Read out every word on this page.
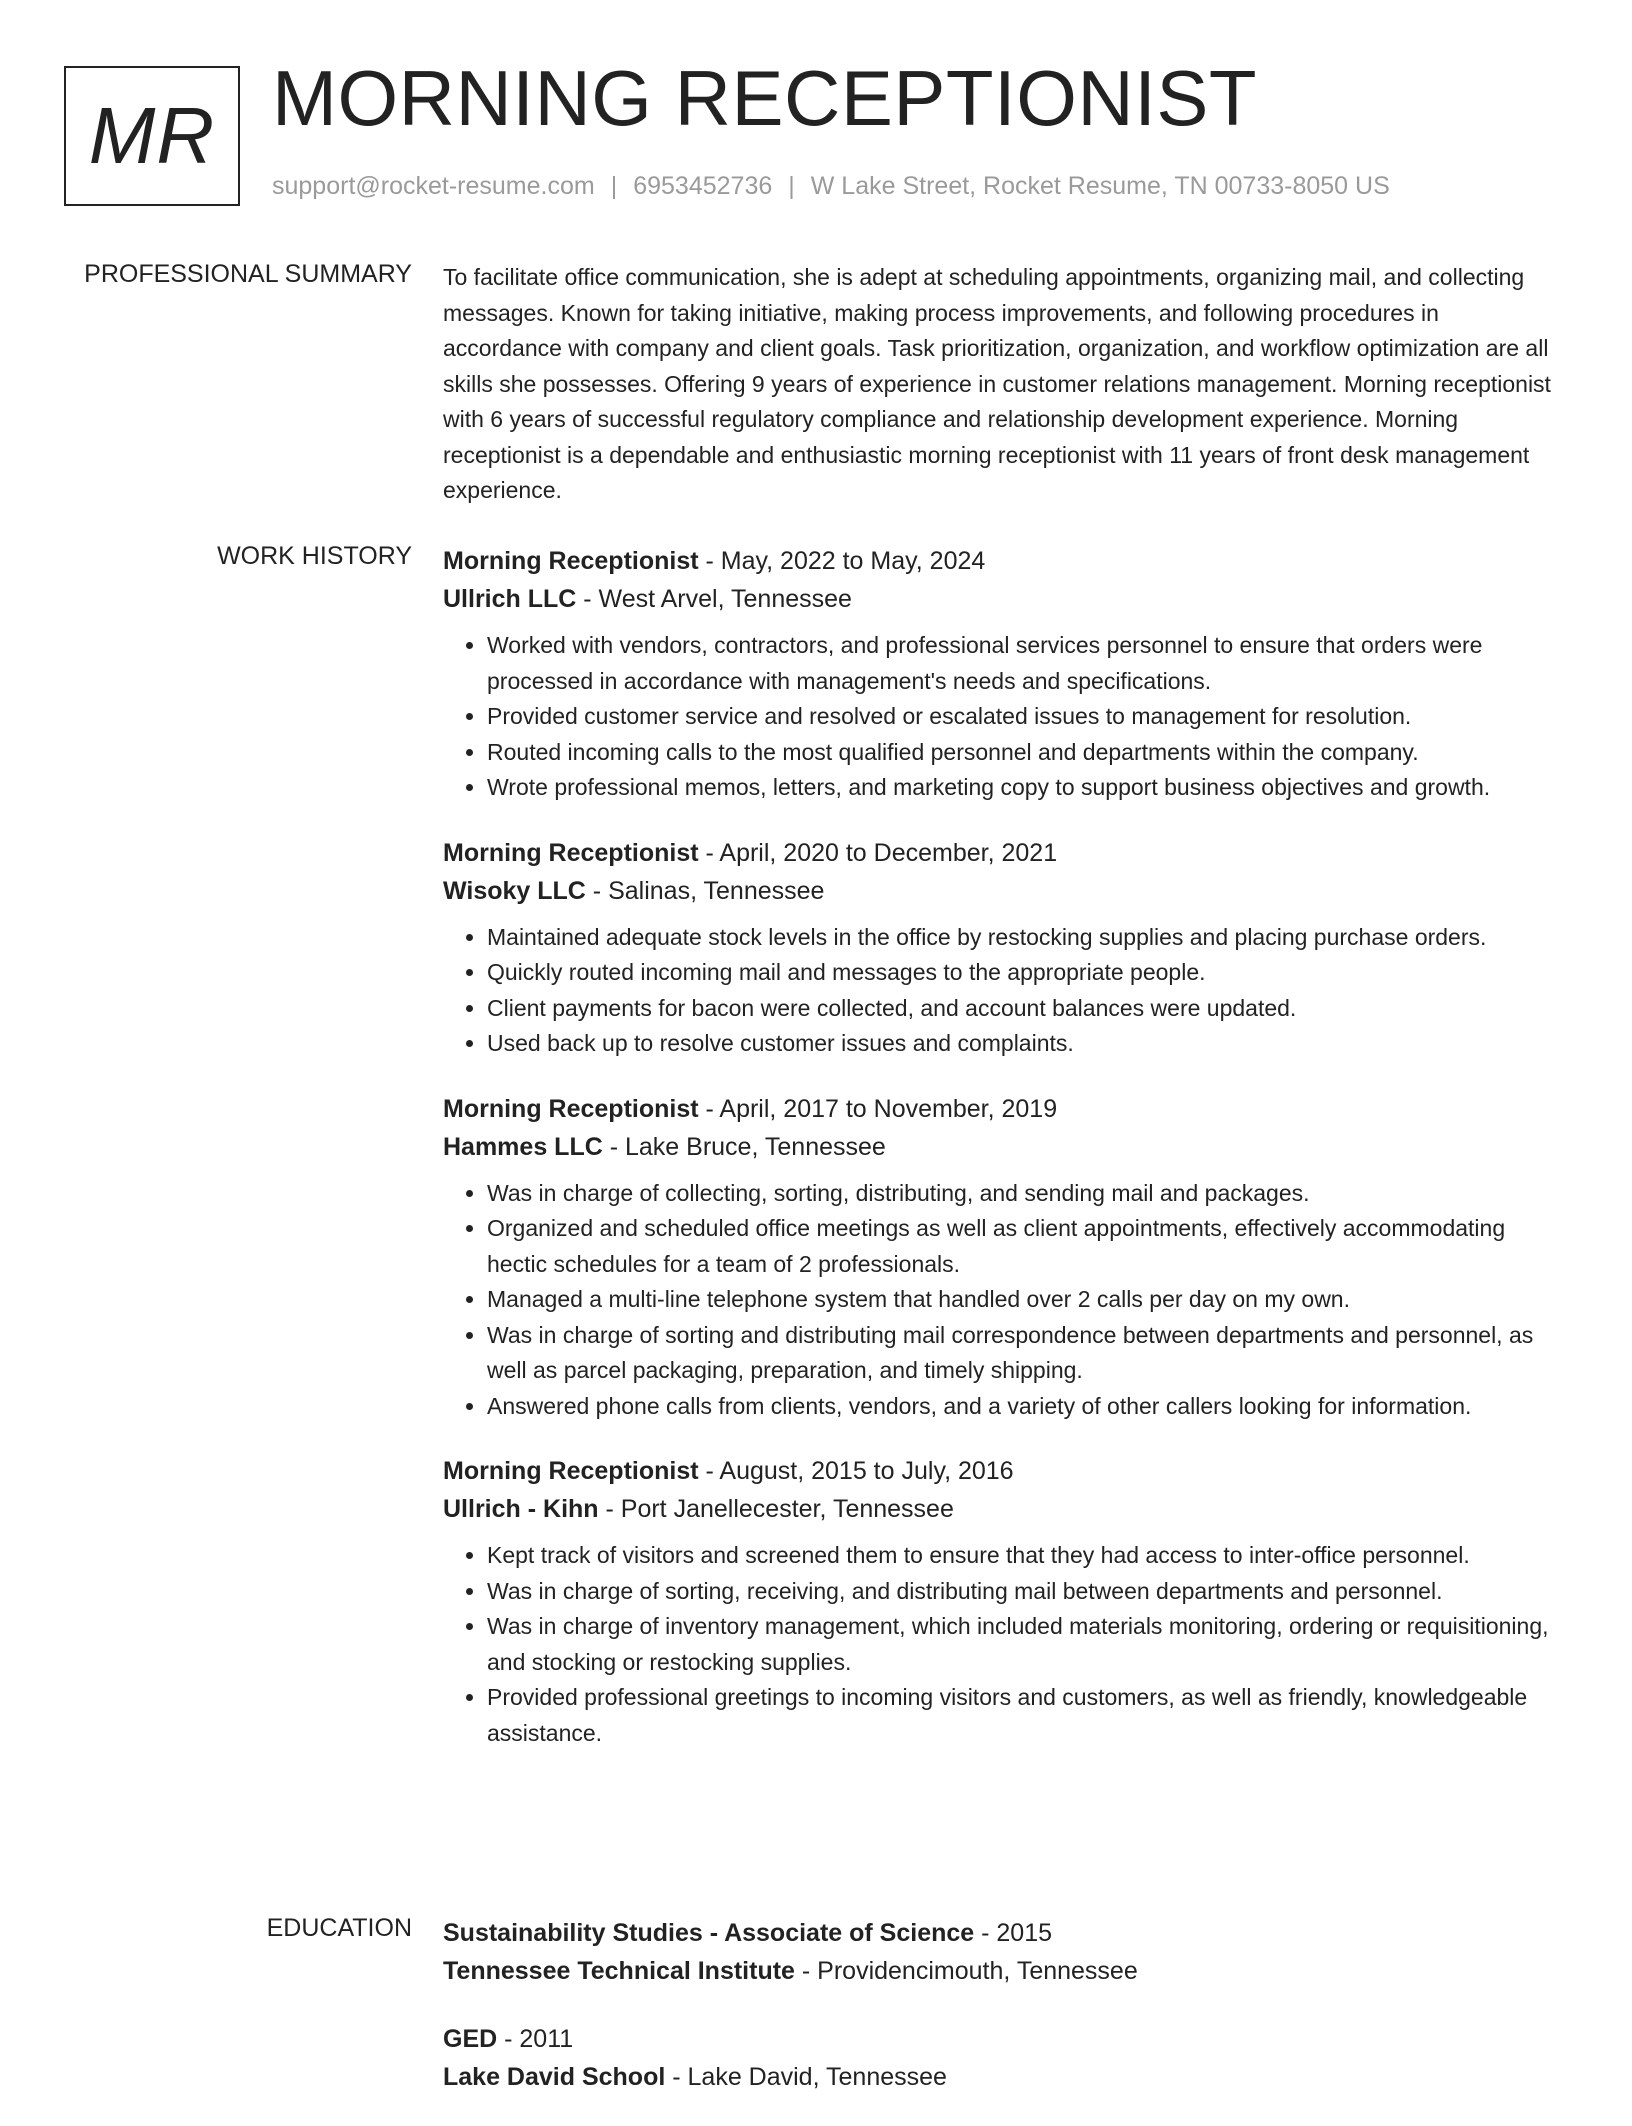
MR MORNING RECEPTIONIST
support@rocket-resume.com | 6953452736 | W Lake Street, Rocket Resume, TN 00733-8050 US
PROFESSIONAL SUMMARY To facilitate office communication, she is adept at scheduling appointments, organizing mail, and collecting messages. Known for taking initiative, making process improvements, and following procedures in accordance with company and client goals. Task prioritization, organization, and workflow optimization are all skills she possesses. Offering 9 years of experience in customer relations management. Morning receptionist with 6 years of successful regulatory compliance and relationship development experience. Morning receptionist is a dependable and enthusiastic morning receptionist with 11 years of front desk management experience.

WORK HISTORY Morning Receptionist - May, 2022 to May, 2024
Ullrich LLC - West Arvel, Tennessee
• Worked with vendors, contractors, and professional services personnel to ensure that orders were processed in accordance with management's needs and specifications.
• Provided customer service and resolved or escalated issues to management for resolution.
• Routed incoming calls to the most qualified personnel and departments within the company.
• Wrote professional memos, letters, and marketing copy to support business objectives and growth.
Morning Receptionist - April, 2020 to December, 2021
Wisoky LLC - Salinas, Tennessee
• Maintained adequate stock levels in the office by restocking supplies and placing purchase orders.
• Quickly routed incoming mail and messages to the appropriate people.
• Client payments for bacon were collected, and account balances were updated.
• Used back up to resolve customer issues and complaints.
Morning Receptionist - April, 2017 to November, 2019
Hammes LLC - Lake Bruce, Tennessee
• Was in charge of collecting, sorting, distributing, and sending mail and packages.
• Organized and scheduled office meetings as well as client appointments, effectively accommodating hectic schedules for a team of 2 professionals.
• Managed a multi-line telephone system that handled over 2 calls per day on my own.
• Was in charge of sorting and distributing mail correspondence between departments and personnel, as well as parcel packaging, preparation, and timely shipping.
• Answered phone calls from clients, vendors, and a variety of other callers looking for information.
Morning Receptionist - August, 2015 to July, 2016
Ullrich - Kihn - Port Janellecester, Tennessee
• Kept track of visitors and screened them to ensure that they had access to inter-office personnel.
• Was in charge of sorting, receiving, and distributing mail between departments and personnel.
• Was in charge of inventory management, which included materials monitoring, ordering or requisitioning, and stocking or restocking supplies.
• Provided professional greetings to incoming visitors and customers, as well as friendly, knowledgeable assistance.
EDUCATION Sustainability Studies - Associate of Science - 2015
Tennessee Technical Institute - Providencimouth, Tennessee
GED - 2011
Lake David School - Lake David, Tennessee
